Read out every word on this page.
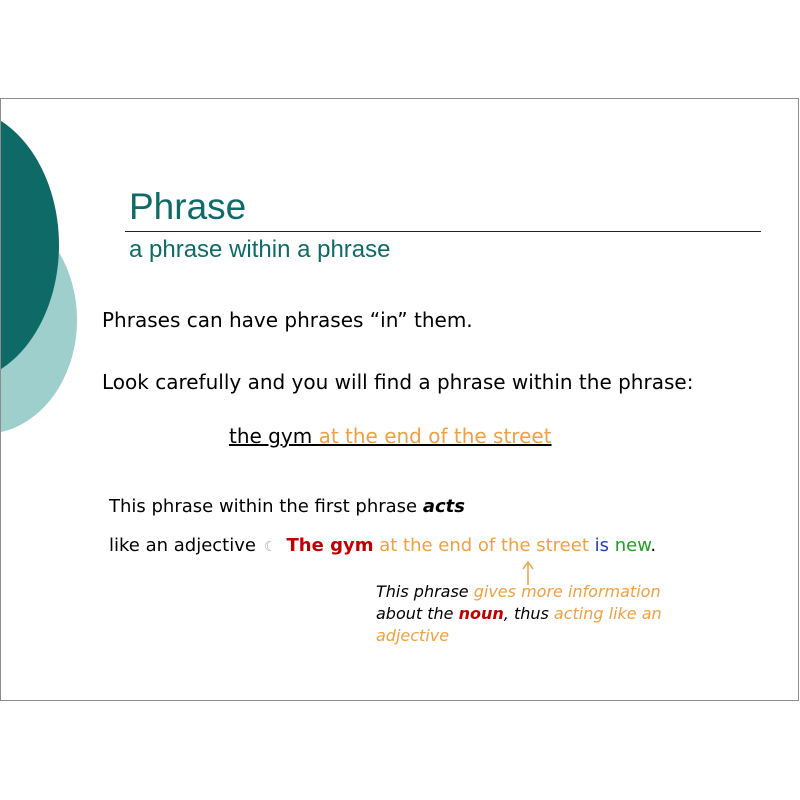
Phrase
a phrase within a phrase
Phrases can have phrases “in” them.
Look carefully and you will find a phrase within the phrase:
the gym at the end of the street
This phrase within the first phrase acts
like an adjective ☾ The gym at the end of the street is new.
This phrase gives more information
about the noun, thus acting like an
adjective
